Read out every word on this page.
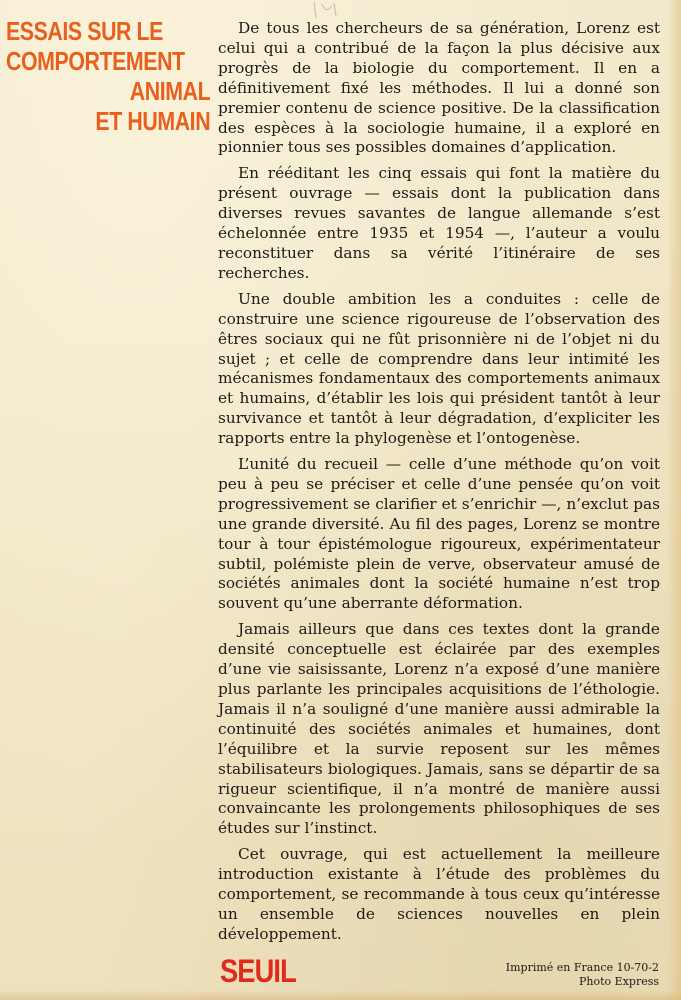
ESSAIS SUR LE
COMPORTEMENT
ANIMAL
ET HUMAIN

De tous les chercheurs de sa génération, Lorenz est celui qui a contribué de la façon la plus décisive aux progrès de la biologie du comportement. Il en a définitivement fixé les méthodes. Il lui a donné son premier contenu de science positive. De la classification des espèces à la sociologie humaine, il a exploré en pionnier tous ses possibles domaines d’application.

En rééditant les cinq essais qui font la matière du présent ouvrage — essais dont la publication dans diverses revues savantes de langue allemande s’est échelonnée entre 1935 et 1954 —, l’auteur a voulu reconstituer dans sa vérité l’itinéraire de ses recherches.

Une double ambition les a conduites : celle de construire une science rigoureuse de l’observation des êtres sociaux qui ne fût prisonnière ni de l’objet ni du sujet ; et celle de comprendre dans leur intimité les mécanismes fondamentaux des comportements animaux et humains, d’établir les lois qui président tantôt à leur survivance et tantôt à leur dégradation, d’expliciter les rapports entre la phylogenèse et l’ontogenèse.

L’unité du recueil — celle d’une méthode qu’on voit peu à peu se préciser et celle d’une pensée qu’on voit progressivement se clarifier et s’enrichir —, n’exclut pas une grande diversité. Au fil des pages, Lorenz se montre tour à tour épistémologue rigoureux, expérimentateur subtil, polémiste plein de verve, observateur amusé de sociétés animales dont la société humaine n’est trop souvent qu’une aberrante déformation.

Jamais ailleurs que dans ces textes dont la grande densité conceptuelle est éclairée par des exemples d’une vie saisissante, Lorenz n’a exposé d’une manière plus parlante les principales acquisitions de l’éthologie. Jamais il n’a souligné d’une manière aussi admirable la continuité des sociétés animales et humaines, dont l’équilibre et la survie reposent sur les mêmes stabilisateurs biologiques. Jamais, sans se départir de sa rigueur scientifique, il n’a montré de manière aussi convaincante les prolongements philosophiques de ses études sur l’instinct.

Cet ouvrage, qui est actuellement la meilleure introduction existante à l’étude des problèmes du comportement, se recommande à tous ceux qu’intéresse un ensemble de sciences nouvelles en plein développement.

SEUIL	Imprimé en France 10-70-2
Photo Express
